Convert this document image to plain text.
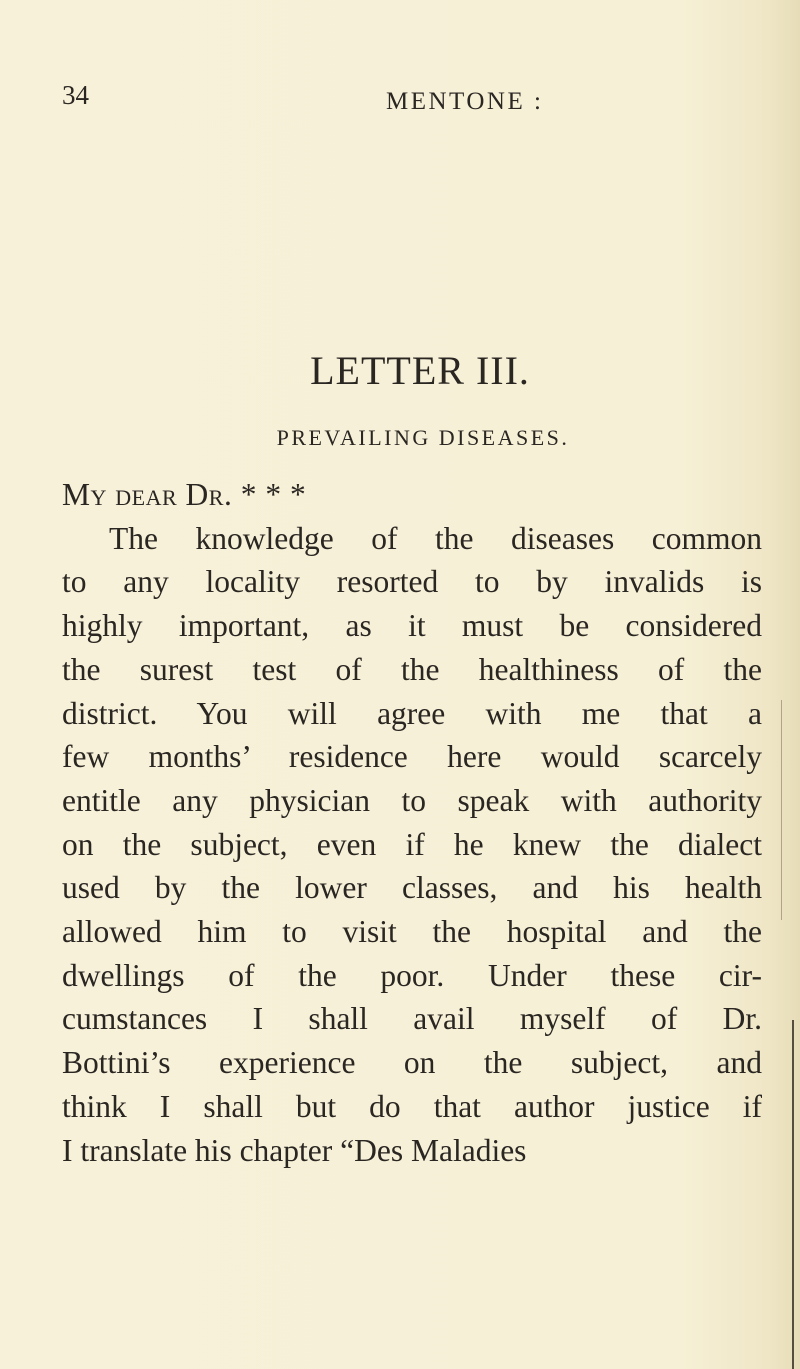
34	MENTONE :
LETTER III.
PREVAILING DISEASES.
My dear Dr. * * *
The knowledge of the diseases common
to any locality resorted to by invalids is
highly important, as it must be considered
the surest test of the healthiness of the
district. You will agree with me that a
few months’ residence here would scarcely
entitle any physician to speak with authority
on the subject, even if he knew the dialect
used by the lower classes, and his health
allowed him to visit the hospital and the
dwellings of the poor. Under these cir-
cumstances I shall avail myself of Dr.
Bottini’s experience on the subject, and
think I shall but do that author justice if
I translate his chapter “Des Maladies
